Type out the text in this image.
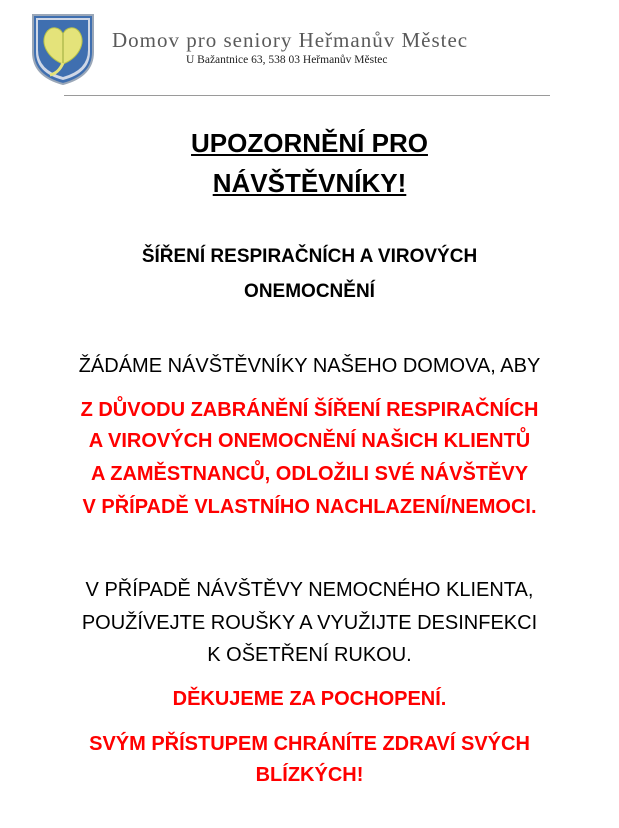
Domov pro seniory Heřmanův Městec
U Bažantnice 63, 538 03 Heřmanův Městec
UPOZORNĚNÍ PRO
NÁVŠTĚVNÍKY!
ŠÍŘENÍ RESPIRAČNÍCH A VIROVÝCH
ONEMOCNĚNÍ
ŽÁDÁME NÁVŠTĚVNÍKY NAŠEHO DOMOVA, ABY
Z DŮVODU ZABRÁNĚNÍ ŠÍŘENÍ RESPIRAČNÍCH
A VIROVÝCH ONEMOCNĚNÍ NAŠICH KLIENTŮ
A ZAMĚSTNANCŮ, ODLOŽILI SVÉ NÁVŠTĚVY
V PŘÍPADĚ VLASTNÍHO NACHLAZENÍ/NEMOCI.
V PŘÍPADĚ NÁVŠTĚVY NEMOCNÉHO KLIENTA,
POUŽÍVEJTE ROUŠKY A VYUŽIJTE DESINFEKCI
K OŠETŘENÍ RUKOU.
DĚKUJEME ZA POCHOPENÍ.
SVÝM PŘÍSTUPEM CHRÁNÍTE ZDRAVÍ SVÝCH
BLÍZKÝCH!
